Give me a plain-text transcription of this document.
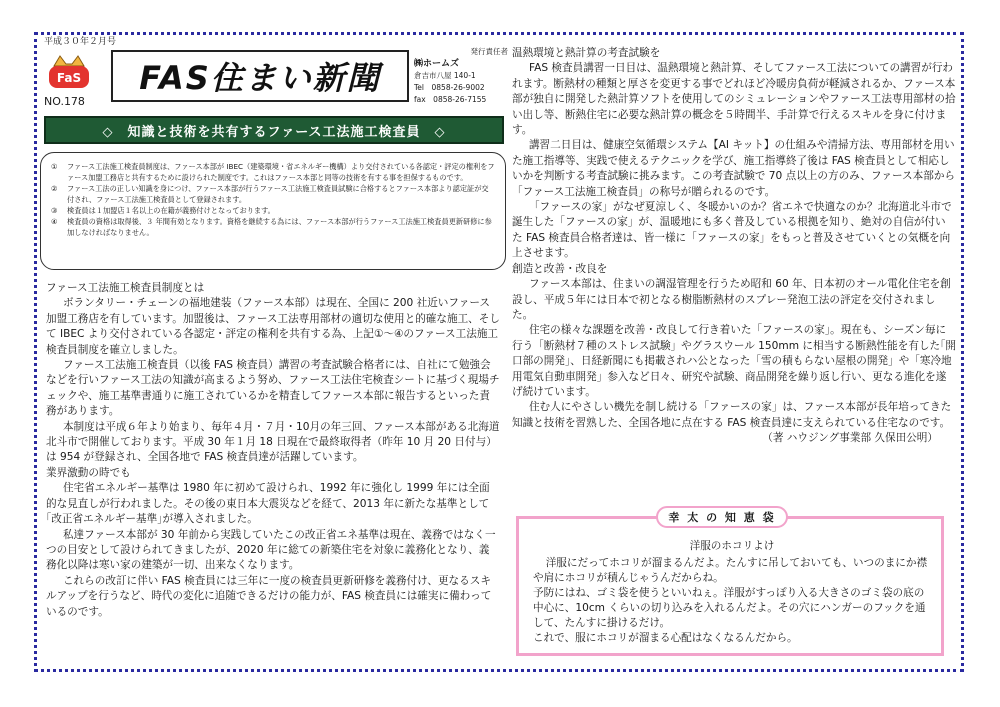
平成３０年２月号
FaS
NO.178
FAS住まい新聞
発行責任者
㈱ホームズ
倉吉市八屋 140-1
Tel　0858-26-9002
fax　0858-26-7155
◇　知識と技術を共有するファース工法施工検査員　◇
①	ファース工法施工検査員制度は、ファース本部が IBEC（建築環境・省エネルギー機構）より交付されている各認定・評定の権利をファース加盟工務店と共有するために設けられた制度です。これはファース本部と同等の技術を有する事を担保するものです。
②	ファース工法の正しい知識を身につけ、ファース本部が行うファース工法施工検査員試験に合格するとファース本部より認定証が交付され、ファース工法施工検査員として登録されます。
③	検査員は１加盟店１名以上の在籍が義務付けとなっております。
④	検査員の資格は取得後、３ 年間有効となります。資格を継続する為には、ファース本部が行うファース工法施工検査員更新研修に参加しなければなりません。
ファース工法施工検査員制度とは

ボランタリー・チェーンの福地建装（ファース本部）は現在、全国に 200 社近いファース加盟工務店を有しています。加盟後は、ファース工法専用部材の適切な使用と的確な施工、そして IBEC より交付されている各認定・評定の権利を共有する為、上記①～④のファース工法施工検査員制度を確立しました。

ファース工法施工検査員（以後 FAS 検査員）講習の考査試験合格者には、自社にて勉強会などを行いファース工法の知識が高まるよう努め、ファース工法住宅検査シートに基づく現場チェックや、施工基準書通りに施工されているかを精査してファース本部に報告するといった責務があります。

本制度は平成６年より始まり、毎年４月・７月・10月の年三回、ファース本部がある北海道北斗市で開催しております。平成 30 年１月 18 日現在で最終取得者（昨年 10 月 20 日付与）は 954 が登録され、全国各地で FAS 検査員達が活躍しています。

業界激動の時でも

住宅省エネルギー基準は 1980 年に初めて設けられ、1992 年に強化し 1999 年には全面的な見直しが行われました。その後の東日本大震災などを経て、2013 年に新たな基準として｢改正省エネルギー基準｣が導入されました。

私達ファース本部が 30 年前から実践していたこの改正省エネ基準は現在、義務ではなく一つの目安として設けられてきましたが、2020 年に総ての新築住宅を対象に義務化となり、義務化以降は寒い家の建築が一切、出来なくなります。

これらの改訂に伴い FAS 検査員には三年に一度の検査員更新研修を義務付け、更なるスキルアップを行うなど、時代の変化に追随できるだけの能力が、FAS 検査員には確実に備わっているのです。

温熱環境と熱計算の考査試験を

FAS 検査員講習一日目は、温熱環境と熱計算、そしてファース工法についての講習が行われます。断熱材の種類と厚さを変更する事でどれほど冷暖房負荷が軽減されるか、ファース本部が独自に開発した熱計算ソフトを使用してのシミュレーションやファース工法専用部材の拾い出し等、断熱住宅に必要な熱計算の概念を５時間半、手計算で行えるスキルを身に付けます。

講習二日目は、健康空気循環システム【AI キット】の仕組みや清掃方法、専用部材を用いた施工指導等、実践で使えるテクニックを学び、施工指導終了後は FAS 検査員として相応しいかを判断する考査試験に挑みます。この考査試験で 70 点以上の方のみ、ファース本部から「ファース工法施工検査員」の称号が贈られるのです。

「ファースの家」がなぜ夏涼しく、冬暖かいのか？省エネで快適なのか？北海道北斗市で誕生した「ファースの家」が、温暖地にも多く普及している根拠を知り、絶対の自信が付いた FAS 検査員合格者達は、皆一様に「ファースの家」をもっと普及させていくとの気概を向上させます。

創造と改善・改良を

ファース本部は、住まいの調湿管理を行うため昭和 60 年、日本初のオール電化住宅を創設し、平成５年には日本で初となる樹脂断熱材のスプレー発泡工法の評定を交付されました。

住宅の様々な課題を改善・改良して行き着いた「ファースの家」。現在も、シーズン毎に行う「断熱材７種のストレス試験」やグラスウール 150mm に相当する断熱性能を有した｢開口部の開発｣、日経新聞にも掲載されハ公となった「雪の積もらない屋根の開発」や「寒冷地用電気自動車開発」参入など日々、研究や試験、商品開発を繰り返し行い、更なる進化を遂げ続けています。

住む人にやさしい機先を制し続ける「ファースの家」は、ファース本部が長年培ってきた知識と技術を習熟した、全国各地に点在する FAS 検査員達に支えられている住宅なのです。

（著 ハウジング事業部 久保田公明）

洋服のホコリよけ

洋服にだってホコリが溜まるんだよ。たんすに吊しておいても、いつのまにか襟や肩にホコリが積んじゃうんだからね。

予防にはね、ゴミ袋を使うといいねぇ。洋服がすっぽり入る大きさのゴミ袋の底の中心に、10cm くらいの切り込みを入れるんだよ。その穴にハンガーのフックを通して、たんすに掛けるだけ。

これで、服にホコリが溜まる心配はなくなるんだから。

幸 太 の 知 恵 袋
